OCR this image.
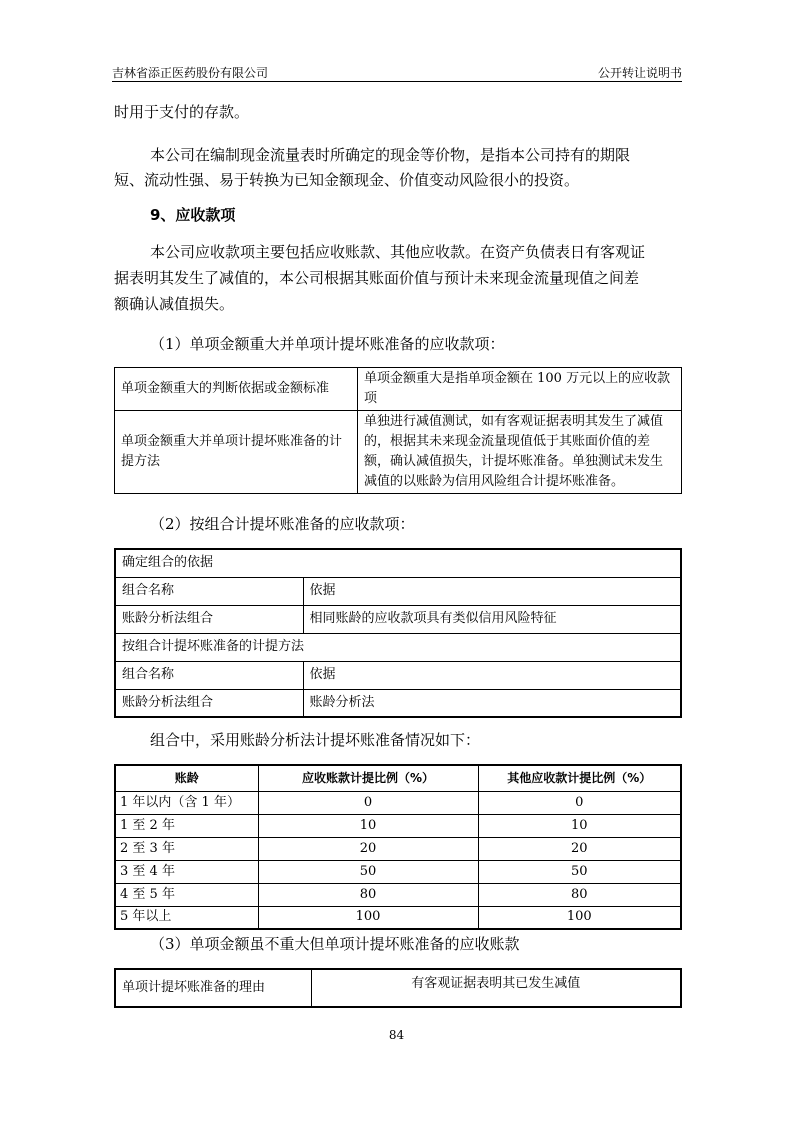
吉林省添正医药股份有限公司	公开转让说明书
时用于支付的存款。
本公司在编制现金流量表时所确定的现金等价物，是指本公司持有的期限
短、流动性强、易于转换为已知金额现金、价值变动风险很小的投资。
9、应收款项
本公司应收款项主要包括应收账款、其他应收款。在资产负债表日有客观证
据表明其发生了减值的，本公司根据其账面价值与预计未来现金流量现值之间差
额确认减值损失。
（1）单项金额重大并单项计提坏账准备的应收款项：
单项金额重大的判断依据或金额标准	单项金额重大是指单项金额在 100 万元以上的应收款项
单项金额重大并单项计提坏账准备的计提方法	单独进行减值测试，如有客观证据表明其发生了减值的，根据其未来现金流量现值低于其账面价值的差额，确认减值损失，计提坏账准备。单独测试未发生减值的以账龄为信用风险组合计提坏账准备。
（2）按组合计提坏账准备的应收款项：
确定组合的依据	
组合名称	依据
账龄分析法组合	相同账龄的应收款项具有类似信用风险特征
按组合计提坏账准备的计提方法	
组合名称	依据
账龄分析法组合	账龄分析法
组合中，采用账龄分析法计提坏账准备情况如下：
账龄	应收账款计提比例（%）	其他应收款计提比例（%）
1 年以内（含 1 年）	0	0
1 至 2 年	10	10
2 至 3 年	20	20
3 至 4 年	50	50
4 至 5 年	80	80
5 年以上	100	100
（3）单项金额虽不重大但单项计提坏账准备的应收账款
单项计提坏账准备的理由	有客观证据表明其已发生减值
84
